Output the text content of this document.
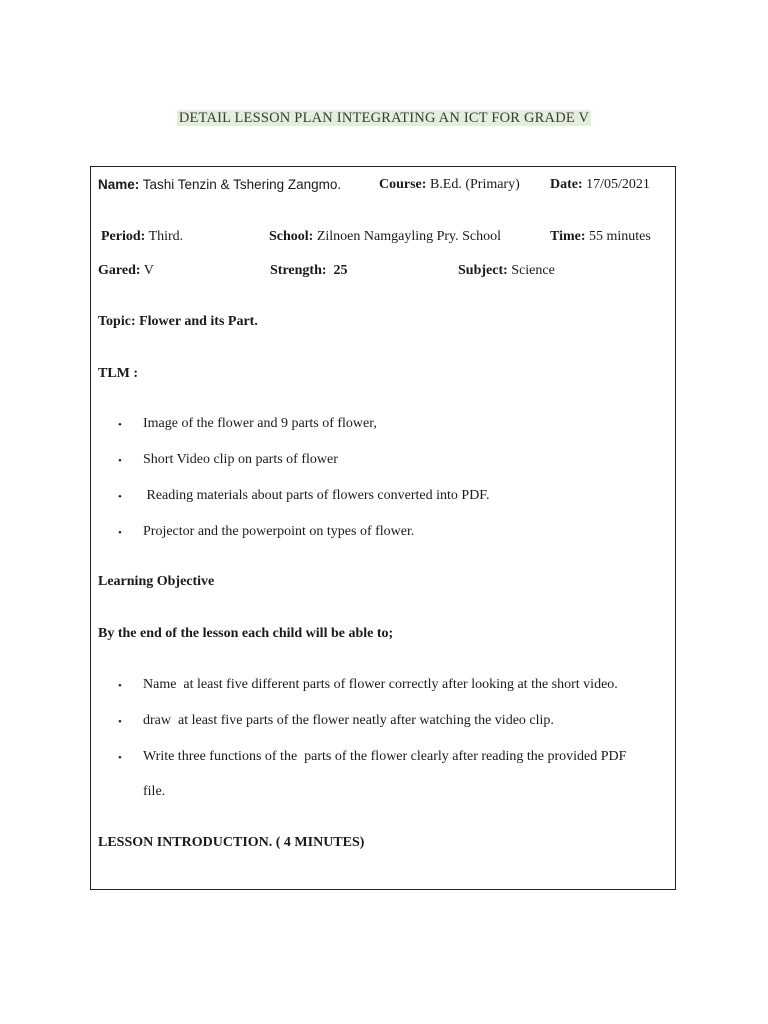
DETAIL LESSON PLAN INTEGRATING AN ICT FOR GRADE V
Name: Tashi Tenzin & Tshering Zangmo.	Course: B.Ed. (Primary) Date: 17/05/2021
Period: Third.	School: Zilnoen Namgayling Pry. School	Time: 55 minutes
Gared: V	Strength: 25	Subject: Science
Topic: Flower and its Part.
TLM :
• Image of the flower and 9 parts of flower,
• Short Video clip on parts of flower
• Reading materials about parts of flowers converted into PDF.
• Projector and the powerpoint on types of flower.
Learning Objective
By the end of the lesson each child will be able to;
• Name  at least five different parts of flower correctly after looking at the short video.
• draw  at least five parts of the flower neatly after watching the video clip.
• Write three functions of the  parts of the flower clearly after reading the provided PDF
file.
LESSON INTRODUCTION. ( 4 MINUTES)
